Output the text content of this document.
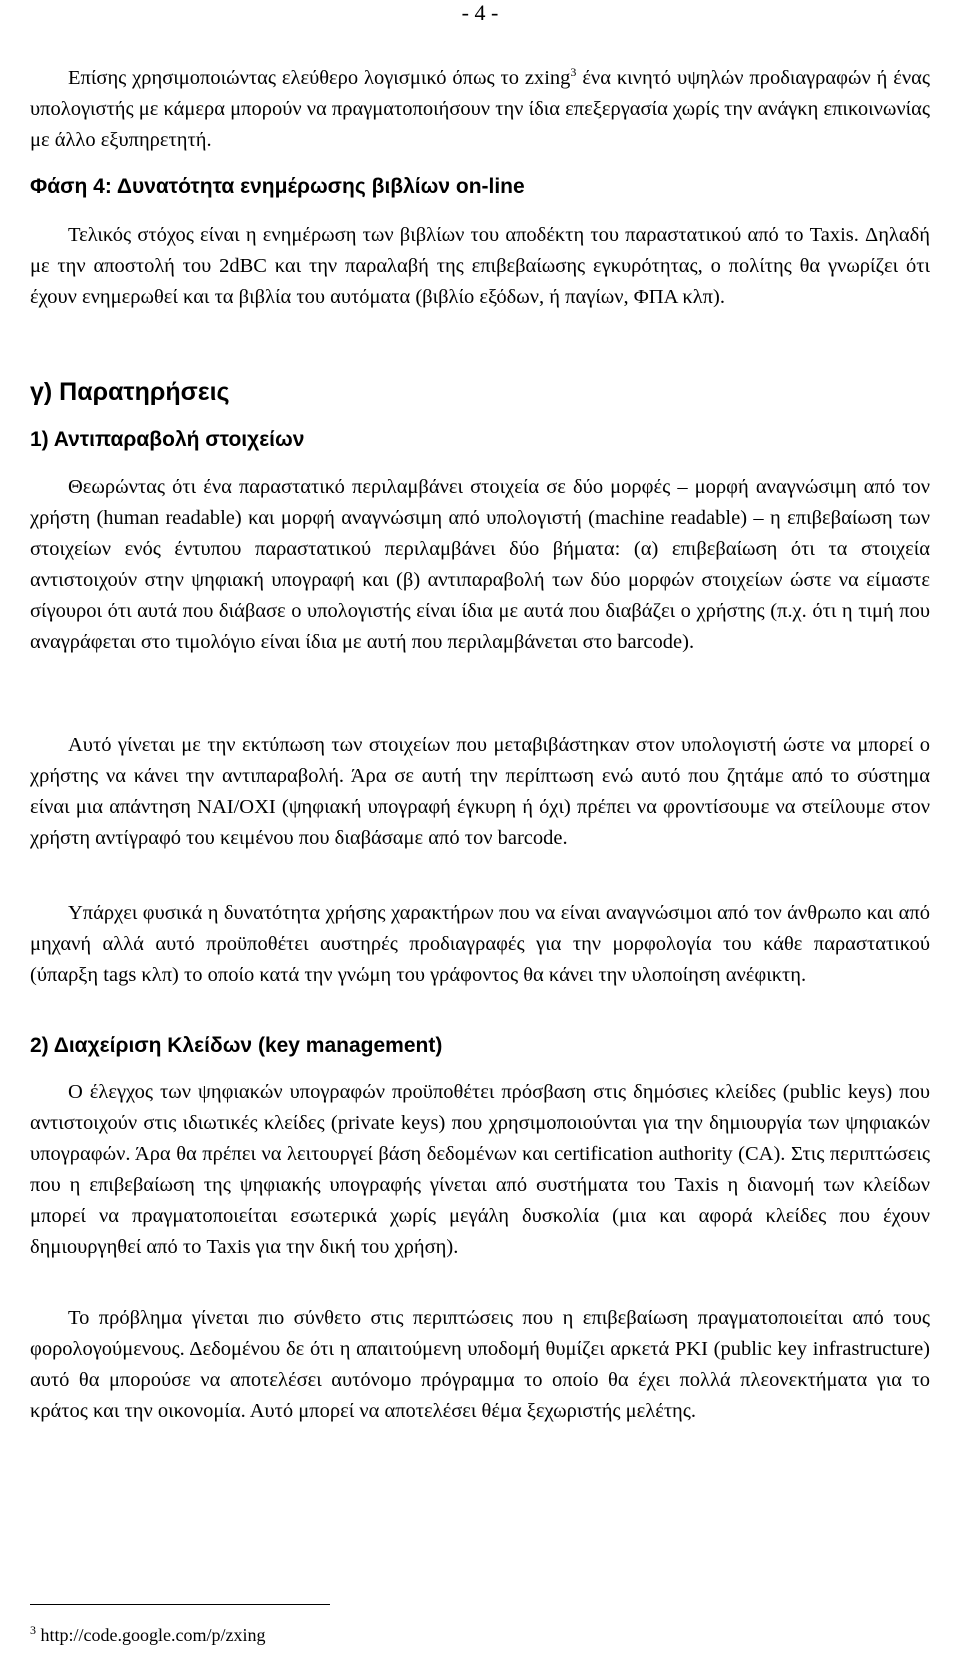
- 4 -

Επίσης χρησιμοποιώντας ελεύθερο λογισμικό όπως το zxing$^3$ ένα κινητό υψηλών προδιαγραφών ή ένας υπολογιστής με κάμερα μπορούν να πραγματοποιήσουν την ίδια επεξεργασία χωρίς την ανάγκη επικοινωνίας με άλλο εξυπηρετητή.

Φάση 4: Δυνατότητα ενημέρωσης βιβλίων on-line

Τελικός στόχος είναι η ενημέρωση των βιβλίων του αποδέκτη του παραστατικού από το Taxis. Δηλαδή με την αποστολή του 2dBC και την παραλαβή της επιβεβαίωσης εγκυρότητας, ο πολίτης θα γνωρίζει ότι έχουν ενημερωθεί και τα βιβλία του αυτόματα (βιβλίο εξόδων, ή παγίων, ΦΠΑ κλπ).

γ) Παρατηρήσεις
1) Αντιπαραβολή στοιχείων

Θεωρώντας ότι ένα παραστατικό περιλαμβάνει στοιχεία σε δύο μορφές – μορφή αναγνώσιμη από τον χρήστη (human readable) και μορφή αναγνώσιμη από υπολογιστή (machine readable) – η επιβεβαίωση των στοιχείων ενός έντυπου παραστατικού περιλαμβάνει δύο βήματα: (α) επιβεβαίωση ότι τα στοιχεία αντιστοιχούν στην ψηφιακή υπογραφή και (β) αντιπαραβολή των δύο μορφών στοιχείων ώστε να είμαστε σίγουροι ότι αυτά που διάβασε ο υπολογιστής είναι ίδια με αυτά που διαβάζει ο χρήστης (π.χ. ότι η τιμή που αναγράφεται στο τιμολόγιο είναι ίδια με αυτή που περιλαμβάνεται στο barcode).

Αυτό γίνεται με την εκτύπωση των στοιχείων που μεταβιβάστηκαν στον υπολογιστή ώστε να μπορεί ο χρήστης να κάνει την αντιπαραβολή. Άρα σε αυτή την περίπτωση ενώ αυτό που ζητάμε από το σύστημα είναι μια απάντηση ΝΑΙ/ΟΧΙ (ψηφιακή υπογραφή έγκυρη ή όχι) πρέπει να φροντίσουμε να στείλουμε στον χρήστη αντίγραφό του κειμένου που διαβάσαμε από τον barcode.

Υπάρχει φυσικά η δυνατότητα χρήσης χαρακτήρων που να είναι αναγνώσιμοι από τον άνθρωπο και από μηχανή αλλά αυτό προϋποθέτει αυστηρές προδιαγραφές για την μορφολογία του κάθε παραστατικού (ύπαρξη tags κλπ) το οποίο κατά την γνώμη του γράφοντος θα κάνει την υλοποίηση ανέφικτη.

2) Διαχείριση Κλείδων (key management)

Ο έλεγχος των ψηφιακών υπογραφών προϋποθέτει πρόσβαση στις δημόσιες κλείδες (public keys) που αντιστοιχούν στις ιδιωτικές κλείδες (private keys) που χρησιμοποιούνται για την δημιουργία των ψηφιακών υπογραφών. Άρα θα πρέπει να λειτουργεί βάση δεδομένων και certification authority (CA). Στις περιπτώσεις που η επιβεβαίωση της ψηφιακής υπογραφής γίνεται από συστήματα του Taxis η διανομή των κλείδων μπορεί να πραγματοποιείται εσωτερικά χωρίς μεγάλη δυσκολία (μια και αφορά κλείδες που έχουν δημιουργηθεί από το Taxis για την δική του χρήση).

Το πρόβλημα γίνεται πιο σύνθετο στις περιπτώσεις που η επιβεβαίωση πραγματοποιείται από τους φορολογούμενους. Δεδομένου δε ότι η απαιτούμενη υποδομή θυμίζει αρκετά PKI (public key infrastructure) αυτό θα μπορούσε να αποτελέσει αυτόνομο πρόγραμμα το οποίο θα έχει πολλά πλεονεκτήματα για το κράτος και την οικονομία. Αυτό μπορεί να αποτελέσει θέμα ξεχωριστής μελέτης.

$^3$ http://code.google.com/p/zxing
